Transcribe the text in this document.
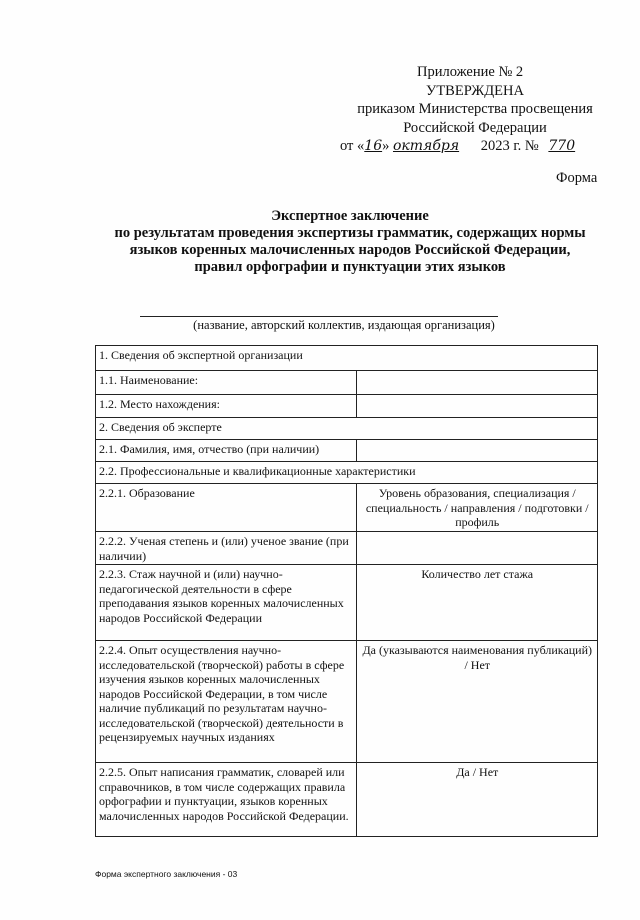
Приложение № 2
УТВЕРЖДЕНА
приказом Министерства просвещения
Российской Федерации
от «16» октября 2023 г. № 770
Форма
Экспертное заключение
по результатам проведения экспертизы грамматик, содержащих нормы
языков коренных малочисленных народов Российской Федерации,
правил орфографии и пунктуации этих языков
(название, авторский коллектив, издающая организация)
1. Сведения об экспертной организации	
1.1. Наименование:	
1.2. Место нахождения:	
2. Сведения об эксперте	
2.1. Фамилия, имя, отчество (при наличии)	
2.2. Профессиональные и квалификационные характеристики	
2.2.1. Образование	Уровень образования, специализация / специальность / направления / подготовки / профиль
2.2.2. Ученая степень и (или) ученое звание (при наличии)	
2.2.3. Стаж научной и (или) научно-педагогической деятельности в сфере преподавания языков коренных малочисленных народов Российской Федерации	Количество лет стажа
2.2.4. Опыт осуществления научно-исследовательской (творческой) работы в сфере изучения языков коренных малочисленных народов Российской Федерации, в том числе наличие публикаций по результатам научно-исследовательской (творческой) деятельности в рецензируемых научных изданиях	Да (указываются наименования публикаций) / Нет
2.2.5. Опыт написания грамматик, словарей или справочников, в том числе содержащих правила орфографии и пунктуации, языков коренных малочисленных народов Российской Федерации.	Да / Нет
Форма экспертного заключения - 03
